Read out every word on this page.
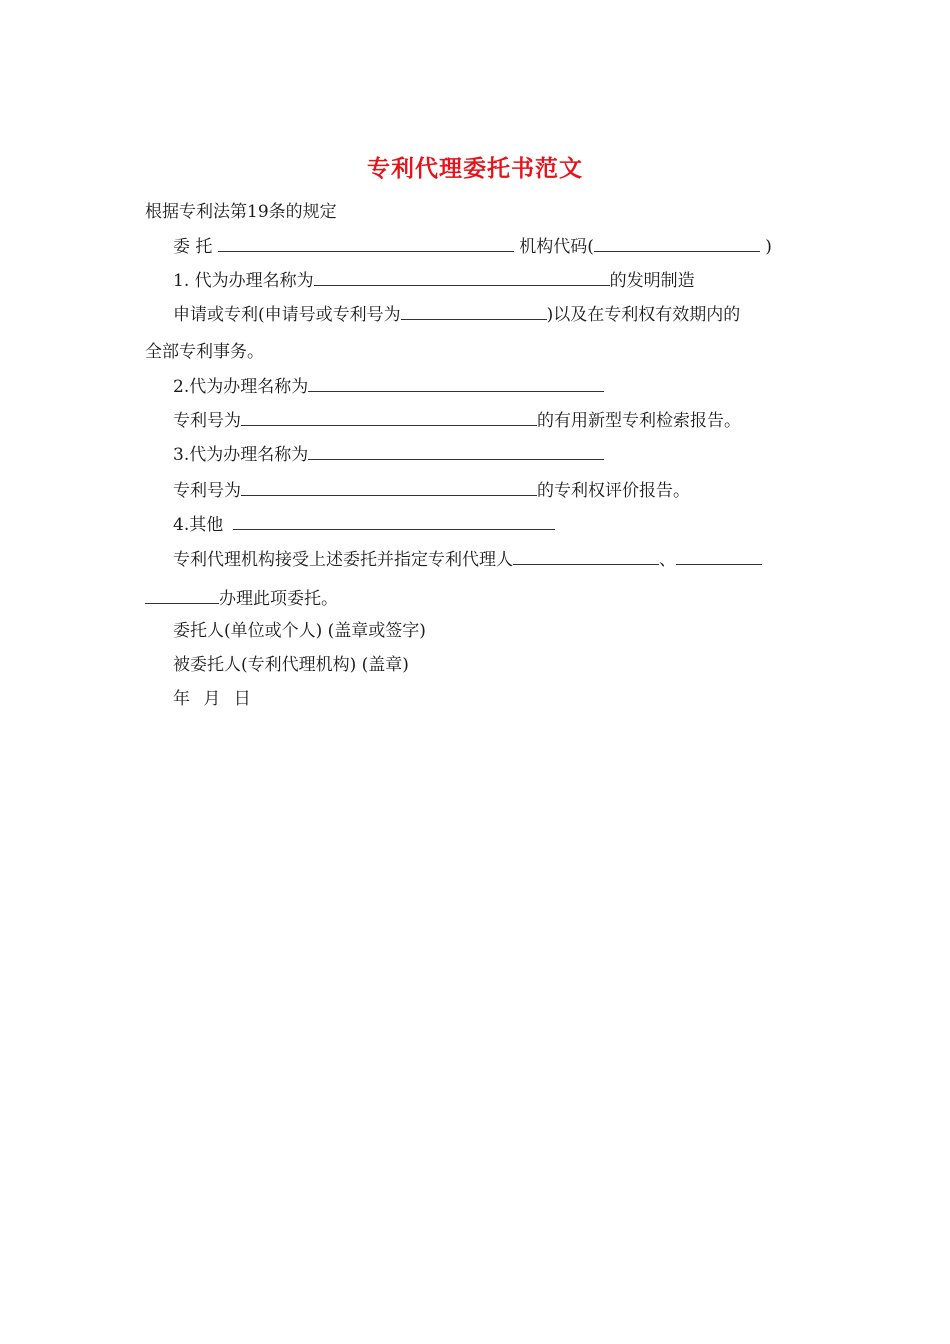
专利代理委托书范文
根据专利法第19条的规定
委 托	机构代码(	)
1. 代为办理名称为	的发明制造
申请或专利(申请号或专利号为	)以及在专利权有效期内的
全部专利事务。
2.代为办理名称为
专利号为	的有用新型专利检索报告。
3.代为办理名称为
专利号为	的专利权评价报告。
4.其他
专利代理机构接受上述委托并指定专利代理人	、
办理此项委托。
委托人(单位或个人) (盖章或签字)
被委托人(专利代理机构) (盖章)
年 月 日
